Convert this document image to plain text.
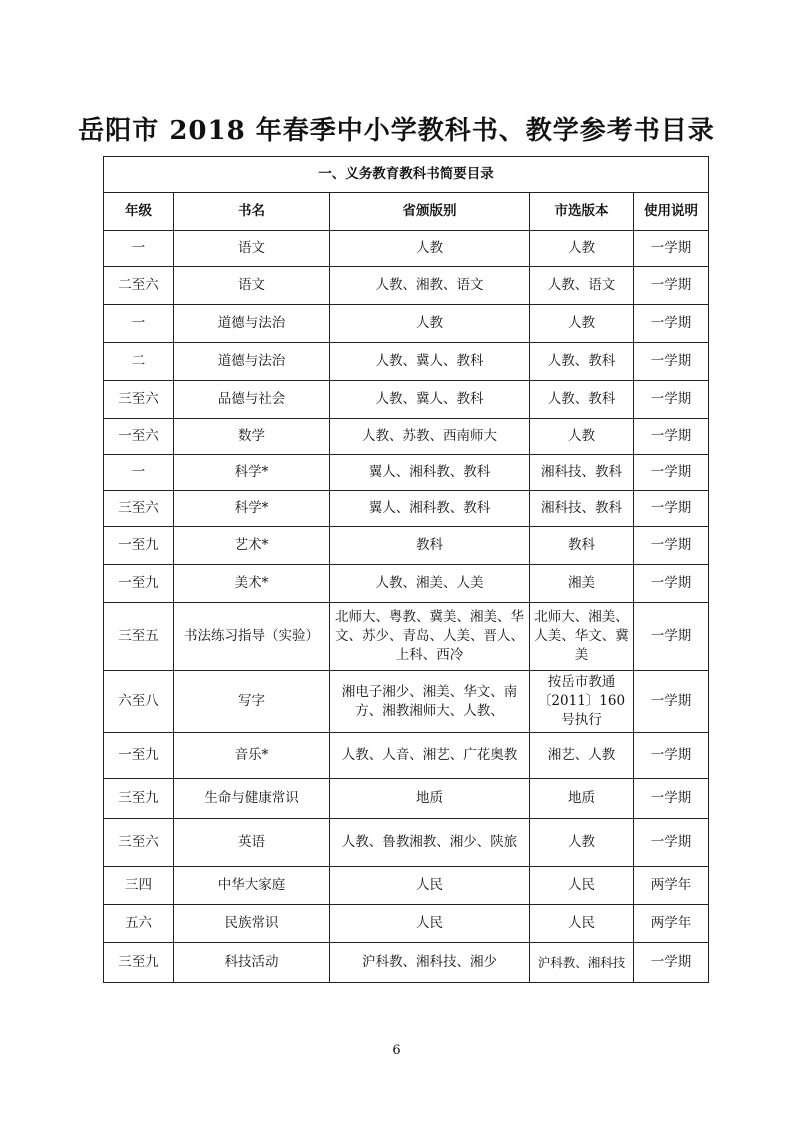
岳阳市 2018 年春季中小学教科书、教学参考书目录
一、义务教育教科书简要目录				
年级	书名	省颁版别	市选版本	使用说明
一	语文	人教	人教	一学期
二至六	语文	人教、湘教、语文	人教、语文	一学期
一	道德与法治	人教	人教	一学期
二	道德与法治	人教、冀人、教科	人教、教科	一学期
三至六	品德与社会	人教、冀人、教科	人教、教科	一学期
一至六	数学	人教、苏教、西南师大	人教	一学期
一	科学*	翼人、湘科教、教科	湘科技、教科	一学期
三至六	科学*	翼人、湘科教、教科	湘科技、教科	一学期
一至九	艺术*	教科	教科	一学期
一至九	美术*	人教、湘美、人美	湘美	一学期
三至五	书法练习指导（实验）	北师大、粤教、冀美、湘美、华文、苏少、青岛、人美、晋人、上科、西冷	北师大、湘美、人美、华文、冀美	一学期
六至八	写字	湘电子湘少、湘美、华文、南方、湘教湘师大、人教、	按岳市教通〔2011〕160 号执行	一学期
一至九	音乐*	人教、人音、湘艺、广花奥教	湘艺、人教	一学期
三至九	生命与健康常识	地质	地质	一学期
三至六	英语	人教、鲁教湘教、湘少、陕旅	人教	一学期
三四	中华大家庭	人民	人民	两学年
五六	民族常识	人民	人民	两学年
三至九	科技活动	沪科教、湘科技、湘少	沪科教、湘科技	一学期
6
